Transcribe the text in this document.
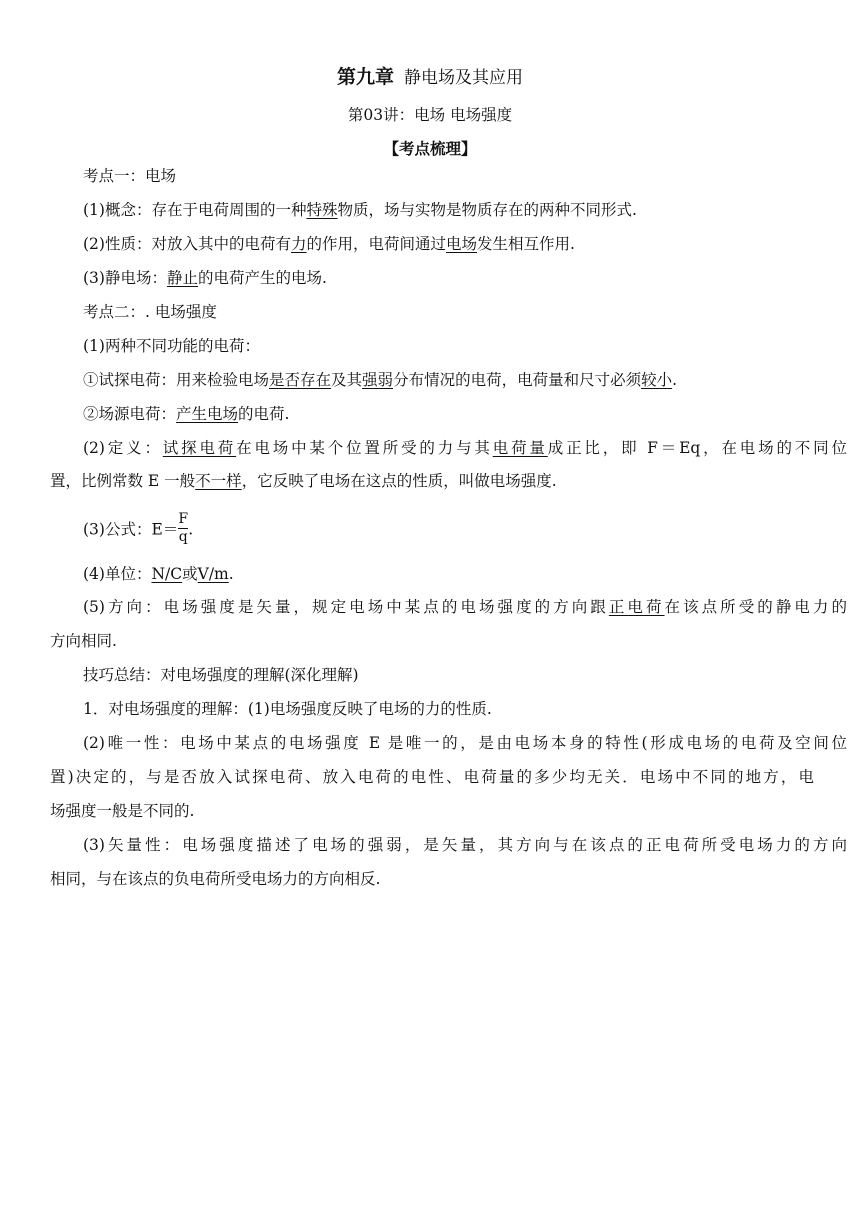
第九章 静电场及其应用
第03讲：电场 电场强度
【考点梳理】
考点一：电场
(1)概念：存在于电荷周围的一种特殊物质，场与实物是物质存在的两种不同形式.
(2)性质：对放入其中的电荷有力的作用，电荷间通过电场发生相互作用.
(3)静电场：静止的电荷产生的电场.
考点二：. 电场强度
(1)两种不同功能的电荷：
①试探电荷：用来检验电场是否存在及其强弱分布情况的电荷，电荷量和尺寸必须较小.
②场源电荷：产生电场的电荷.
(2)定义：试探电荷在电场中某个位置所受的力与其电荷量成正比，即 F＝Eq，在电场的不同位
置，比例常数 E 一般不一样，它反映了电场在这点的性质，叫做电场强度.
(3)公式：$E= \frac{F}{q}$ .
(4)单位：N/C或V/m.
(5)方向：电场强度是矢量，规定电场中某点的电场强度的方向跟正电荷在该点所受的静电力的
方向相同.
技巧总结：对电场强度的理解(深化理解)
1．对电场强度的理解：(1)电场强度反映了电场的力的性质.
(2)唯一性：电场中某点的电场强度 E 是唯一的，是由电场本身的特性(形成电场的电荷及空间位
置)决定的，与是否放入试探电荷、放入电荷的电性、电荷量的多少均无关．电场中不同的地方，电
场强度一般是不同的.
(3)矢量性：电场强度描述了电场的强弱，是矢量，其方向与在该点的正电荷所受电场力的方向
相同，与在该点的负电荷所受电场力的方向相反.
